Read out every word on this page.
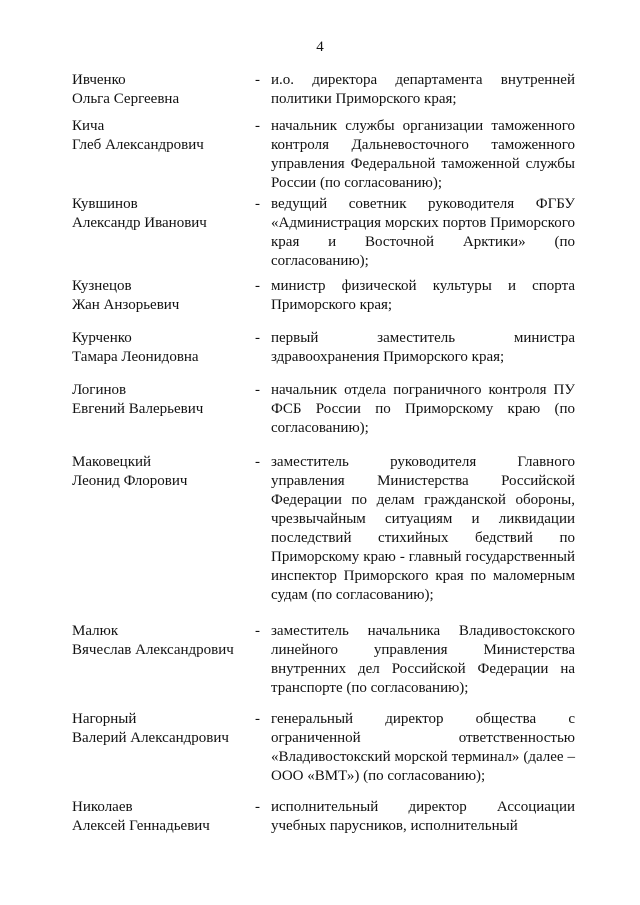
4
Ивченко
Ольга Сергеевна
- и.о. директора департамента внутренней политики Приморского края;
Кича
Глеб Александрович
- начальник службы организации таможенного контроля Дальневосточного таможенного управления Федеральной таможенной службы России (по согласованию);
Кувшинов
Александр Иванович
- ведущий советник руководителя ФГБУ «Администрация морских портов Приморского края и Восточной Арктики» (по согласованию);
Кузнецов
Жан Анзорьевич
- министр физической культуры и спорта Приморского края;
Курченко
Тамара Леонидовна
- первый заместитель министра здравоохранения Приморского края;
Логинов
Евгений Валерьевич
- начальник отдела пограничного контроля ПУ ФСБ России по Приморскому краю (по согласованию);
Маковецкий
Леонид Флорович
- заместитель руководителя Главного управления Министерства Российской Федерации по делам гражданской обороны, чрезвычайным ситуациям и ликвидации последствий стихийных бедствий по Приморскому краю - главный государственный инспектор Приморского края по маломерным судам (по согласованию);
Малюк
Вячеслав Александрович
- заместитель начальника Владивостокского линейного управления Министерства внутренних дел Российской Федерации на транспорте (по согласованию);
Нагорный
Валерий Александрович
- генеральный директор общества с ограниченной ответственностью «Владивостокский морской терминал» (далее – ООО «ВМТ») (по согласованию);
Николаев
Алексей Геннадьевич
- исполнительный директор Ассоциации учебных парусников, исполнительный
